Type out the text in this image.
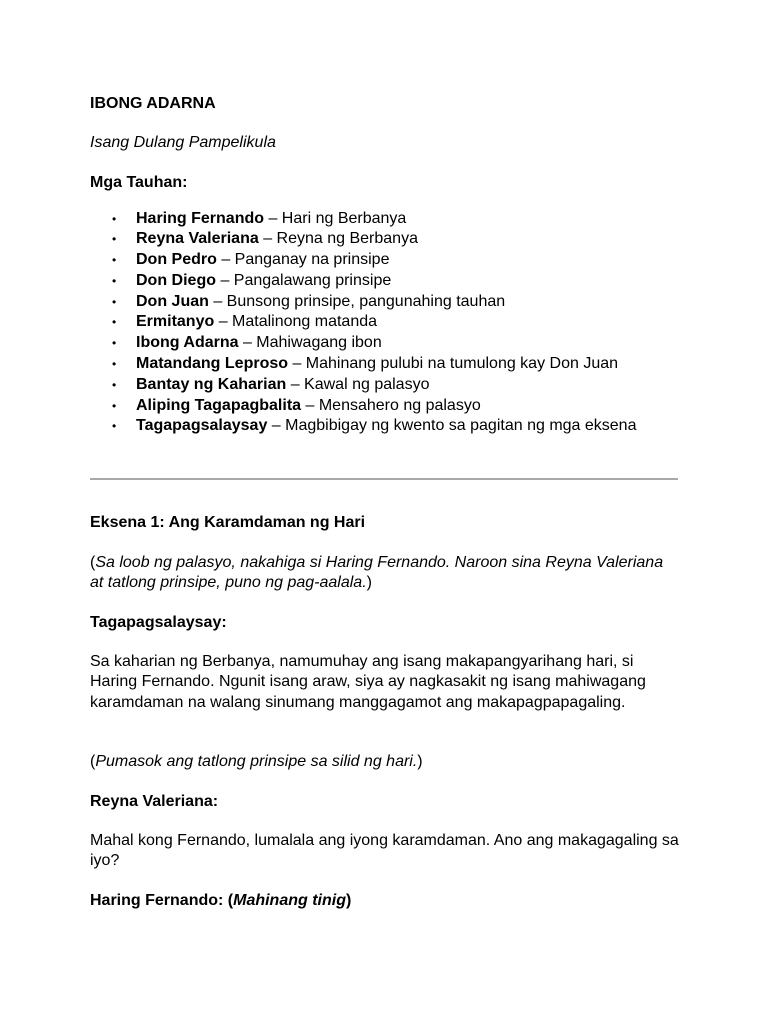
IBONG ADARNA

Isang Dulang Pampelikula

Mga Tauhan:

• Haring Fernando – Hari ng Berbanya
• Reyna Valeriana – Reyna ng Berbanya
• Don Pedro – Panganay na prinsipe
• Don Diego – Pangalawang prinsipe
• Don Juan – Bunsong prinsipe, pangunahing tauhan
• Ermitanyo – Matalinong matanda
• Ibong Adarna – Mahiwagang ibon
• Matandang Leproso – Mahinang pulubi na tumulong kay Don Juan
• Bantay ng Kaharian – Kawal ng palasyo
• Aliping Tagapagbalita – Mensahero ng palasyo
• Tagapagsalaysay – Magbibigay ng kwento sa pagitan ng mga eksena

Eksena 1: Ang Karamdaman ng Hari

(Sa loob ng palasyo, nakahiga si Haring Fernando. Naroon sina Reyna Valeriana at tatlong prinsipe, puno ng pag-aalala.)

Tagapagsalaysay:

Sa kaharian ng Berbanya, namumuhay ang isang makapangyarihang hari, si Haring Fernando. Ngunit isang araw, siya ay nagkasakit ng isang mahiwagang karamdaman na walang sinumang manggagamot ang makapagpapagaling.

(Pumasok ang tatlong prinsipe sa silid ng hari.)

Reyna Valeriana:

Mahal kong Fernando, lumalala ang iyong karamdaman. Ano ang makagagaling sa iyo?

Haring Fernando: (Mahinang tinig)
